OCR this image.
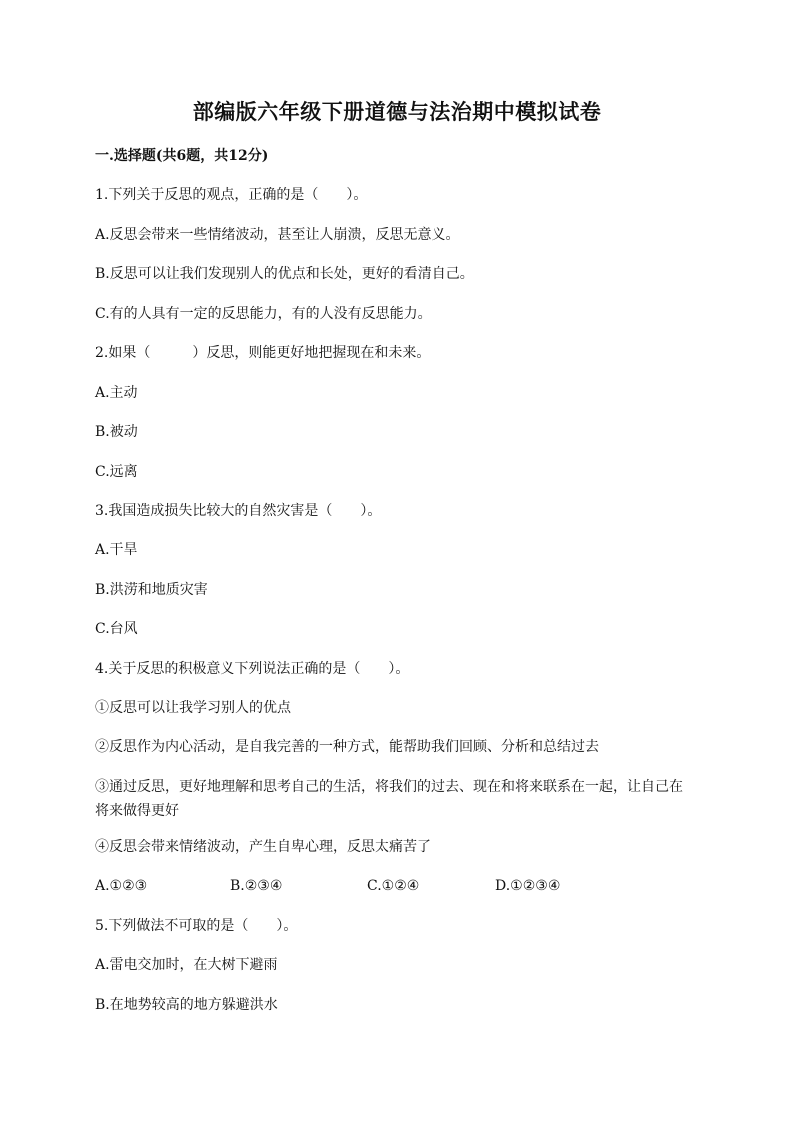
部编版六年级下册道德与法治期中模拟试卷
一.选择题(共6题，共12分)
1.下列关于反思的观点，正确的是（　　）。
A.反思会带来一些情绪波动，甚至让人崩溃，反思无意义。
B.反思可以让我们发现别人的优点和长处，更好的看清自己。
C.有的人具有一定的反思能力，有的人没有反思能力。
2.如果（　　　）反思，则能更好地把握现在和未来。
A.主动
B.被动
C.远离
3.我国造成损失比较大的自然灾害是（　　）。
A.干旱
B.洪涝和地质灾害
C.台风
4.关于反思的积极意义下列说法正确的是（　　）。
①反思可以让我学习别人的优点
②反思作为内心活动，是自我完善的一种方式，能帮助我们回顾、分析和总结过去
③通过反思，更好地理解和思考自己的生活，将我们的过去、现在和将来联系在一起，让自己在将来做得更好
④反思会带来情绪波动，产生自卑心理，反思太痛苦了
A.①②③	B.②③④	C.①②④	D.①②③④
5.下列做法不可取的是（　　）。
A.雷电交加时，在大树下避雨
B.在地势较高的地方躲避洪水
